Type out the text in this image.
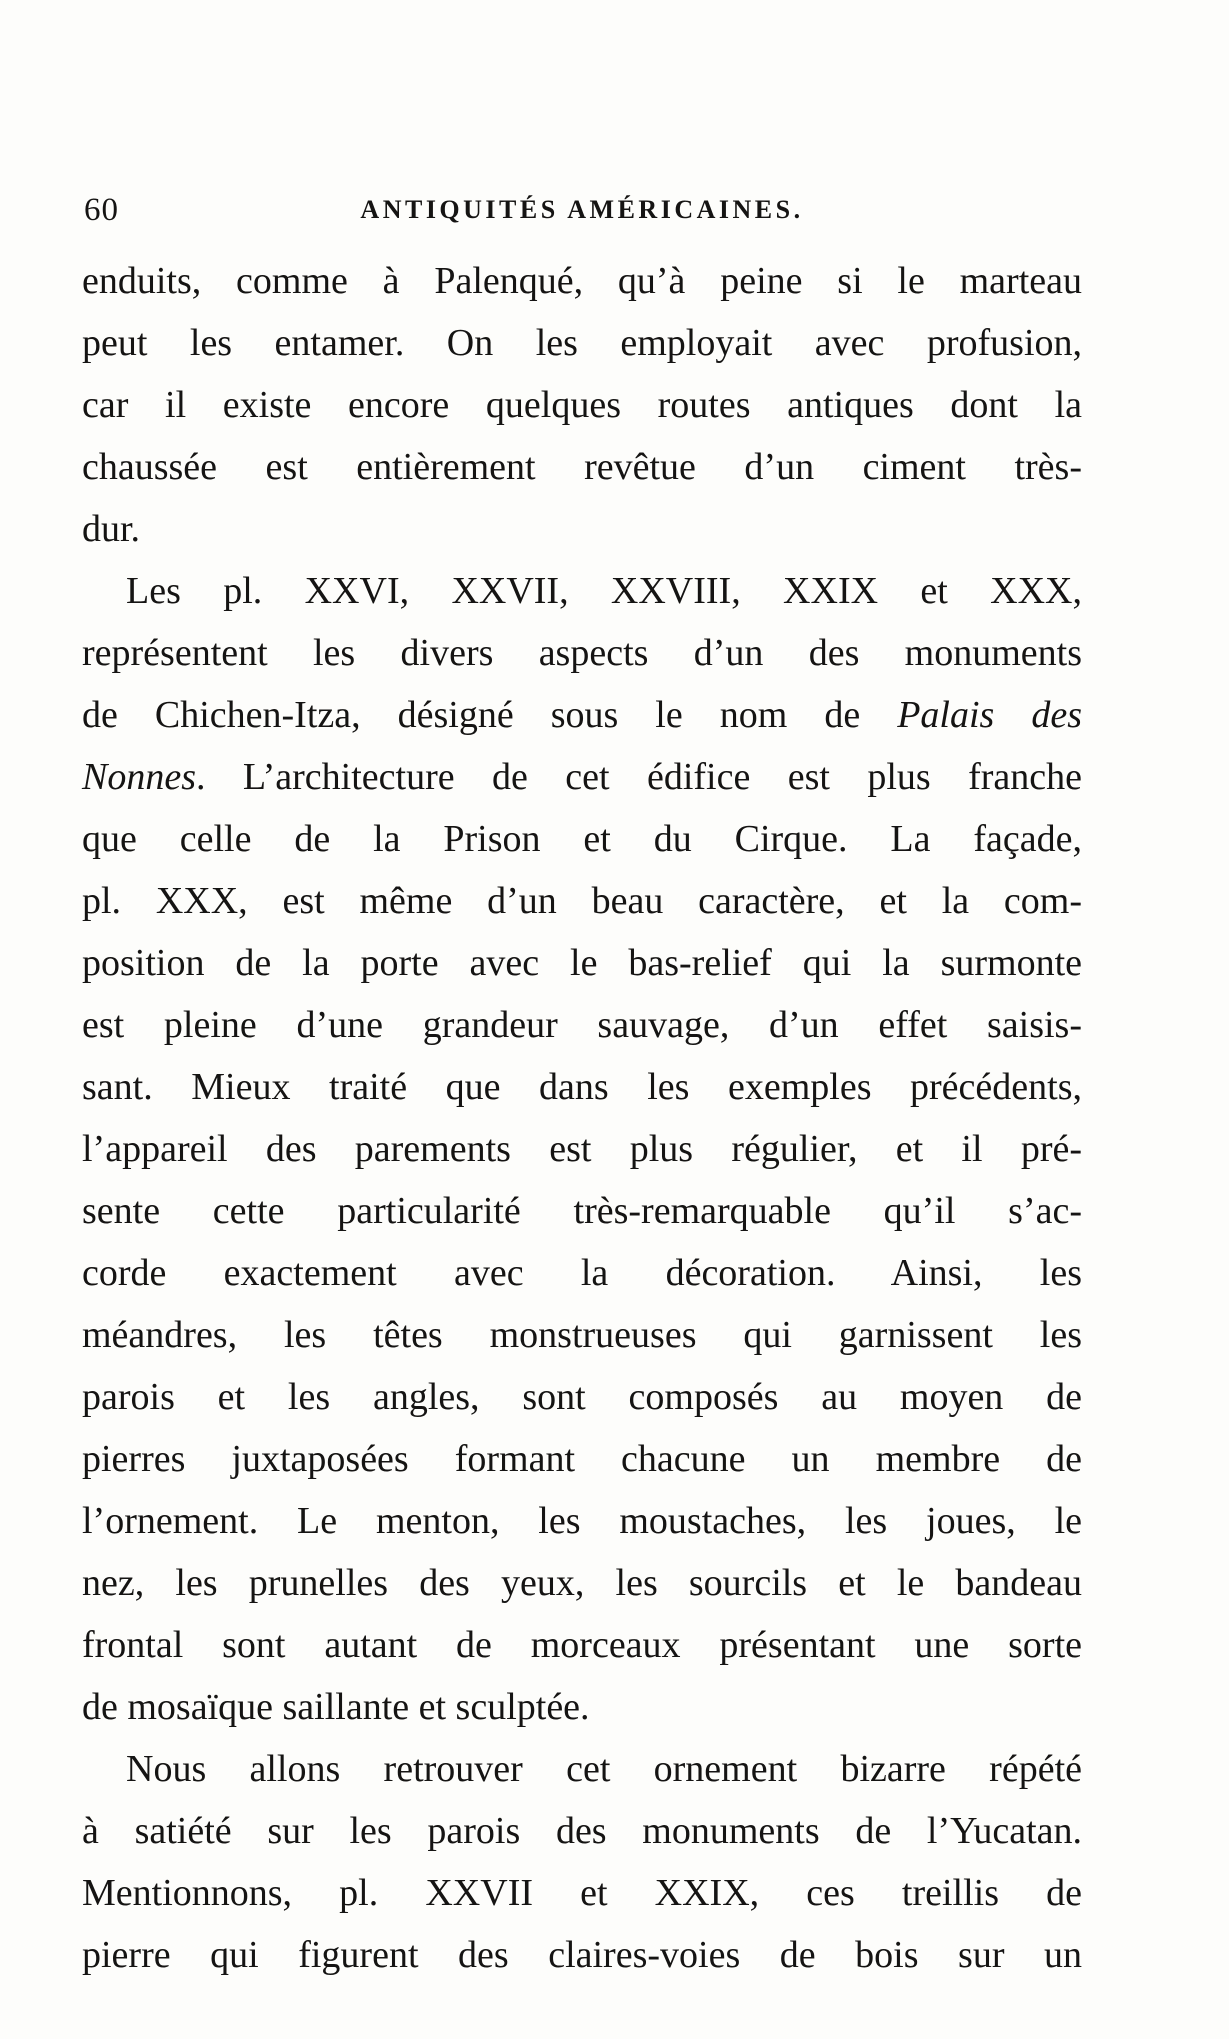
60	ANTIQUITÉS AMÉRICAINES.
enduits, comme à Palenqué, qu’à peine si le marteau
peut les entamer. On les employait avec profusion,
car il existe encore quelques routes antiques dont la
chaussée est entièrement revêtue d’un ciment très-
dur.
Les pl. XXVI, XXVII, XXVIII, XXIX et XXX,
représentent les divers aspects d’un des monuments
de Chichen-Itza, désigné sous le nom de Palais des
Nonnes. L’architecture de cet édifice est plus franche
que celle de la Prison et du Cirque. La façade,
pl. XXX, est même d’un beau caractère, et la com-
position de la porte avec le bas-relief qui la surmonte
est pleine d’une grandeur sauvage, d’un effet saisis-
sant. Mieux traité que dans les exemples précédents,
l’appareil des parements est plus régulier, et il pré-
sente cette particularité très-remarquable qu’il s’ac-
corde exactement avec la décoration. Ainsi, les
méandres, les têtes monstrueuses qui garnissent les
parois et les angles, sont composés au moyen de
pierres juxtaposées formant chacune un membre de
l’ornement. Le menton, les moustaches, les joues, le
nez, les prunelles des yeux, les sourcils et le bandeau
frontal sont autant de morceaux présentant une sorte
de mosaïque saillante et sculptée.
Nous allons retrouver cet ornement bizarre répété
à satiété sur les parois des monuments de l’Yucatan.
Mentionnons, pl. XXVII et XXIX, ces treillis de
pierre qui figurent des claires-voies de bois sur un
